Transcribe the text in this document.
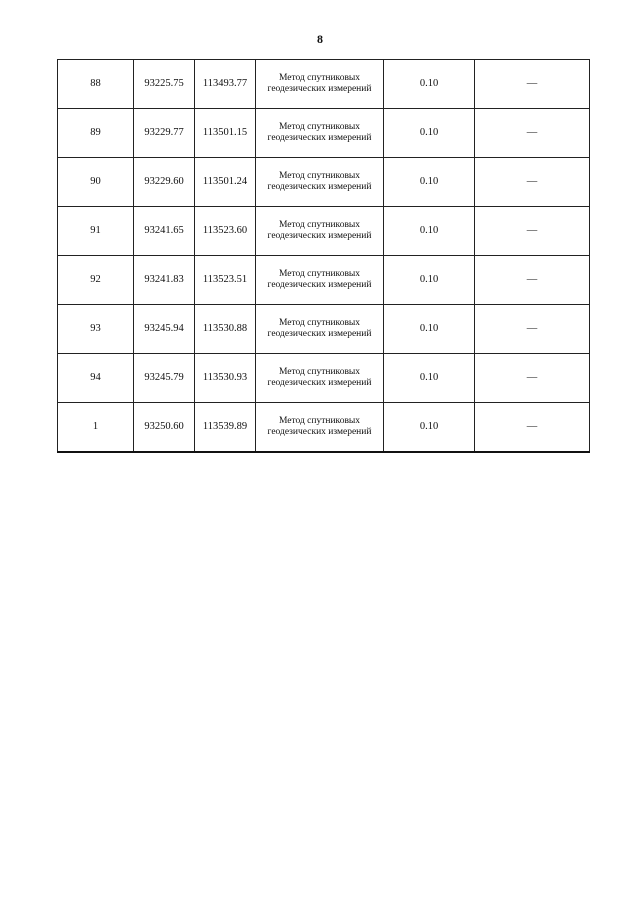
8
88	93225.75	113493.77	Метод спутниковых геодезических измерений	0.10	—
89	93229.77	113501.15	Метод спутниковых геодезических измерений	0.10	—
90	93229.60	113501.24	Метод спутниковых геодезических измерений	0.10	—
91	93241.65	113523.60	Метод спутниковых геодезических измерений	0.10	—
92	93241.83	113523.51	Метод спутниковых геодезических измерений	0.10	—
93	93245.94	113530.88	Метод спутниковых геодезических измерений	0.10	—
94	93245.79	113530.93	Метод спутниковых геодезических измерений	0.10	—
1	93250.60	113539.89	Метод спутниковых геодезических измерений	0.10	—
